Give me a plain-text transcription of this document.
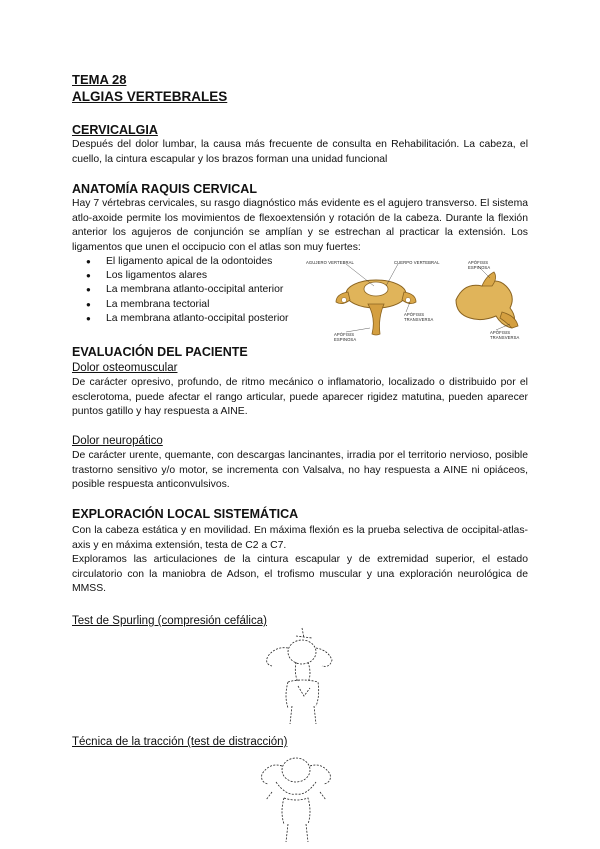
TEMA 28
ALGIAS VERTEBRALES
CERVICALGIA
Después del dolor lumbar, la causa más frecuente de consulta en Rehabilitación. La cabeza, el cuello, la cintura escapular y los brazos forman una unidad funcional
ANATOMÍA RAQUIS CERVICAL
Hay 7 vértebras cervicales, su rasgo diagnóstico más evidente es el agujero transverso. El sistema atlo-axoide permite los movimientos de flexoextensión y rotación de la cabeza. Durante la flexión anterior los agujeros de conjunción se amplían y se estrechan al practicar la extensión. Los ligamentos que unen el occipucio con el atlas son muy fuertes:
● El ligamento apical de la odontoides
● Los ligamentos alares
● La membrana atlanto-occipital anterior
● La membrana tectorial
● La membrana atlanto-occipital posterior
AGUJERO VERTEBRAL	CUERPO VERTEBRAL
APÓFISIS TRANSVERSA
APÓFISIS ESPINOSA
APÓFISIS ESPINOSA
APÓFISIS TRANSVERSA
EVALUACIÓN DEL PACIENTE
Dolor osteomuscular
De carácter opresivo, profundo, de ritmo mecánico o inflamatorio, localizado o distribuido por el esclerotoma, puede afectar el rango articular, puede aparecer rigidez matutina, pueden aparecer puntos gatillo y hay respuesta a AINE.
Dolor neuropático
De carácter urente, quemante, con descargas lancinantes, irradia por el territorio nervioso, posible trastorno sensitivo y/o motor, se incrementa con Valsalva, no hay respuesta a AINE ni opiáceos, posible respuesta anticonvulsivos.
EXPLORACIÓN LOCAL SISTEMÁTICA
Con la cabeza estática y en movilidad. En máxima flexión es la prueba selectiva de occipital-atlas-axis y en máxima extensión, testa de C2 a C7.
Exploramos las articulaciones de la cintura escapular y de extremidad superior, el estado circulatorio con la maniobra de Adson, el trofismo muscular y una exploración neurológica de MMSS.
Test de Spurling (compresión cefálica)
Técnica de la tracción (test de distracción)
